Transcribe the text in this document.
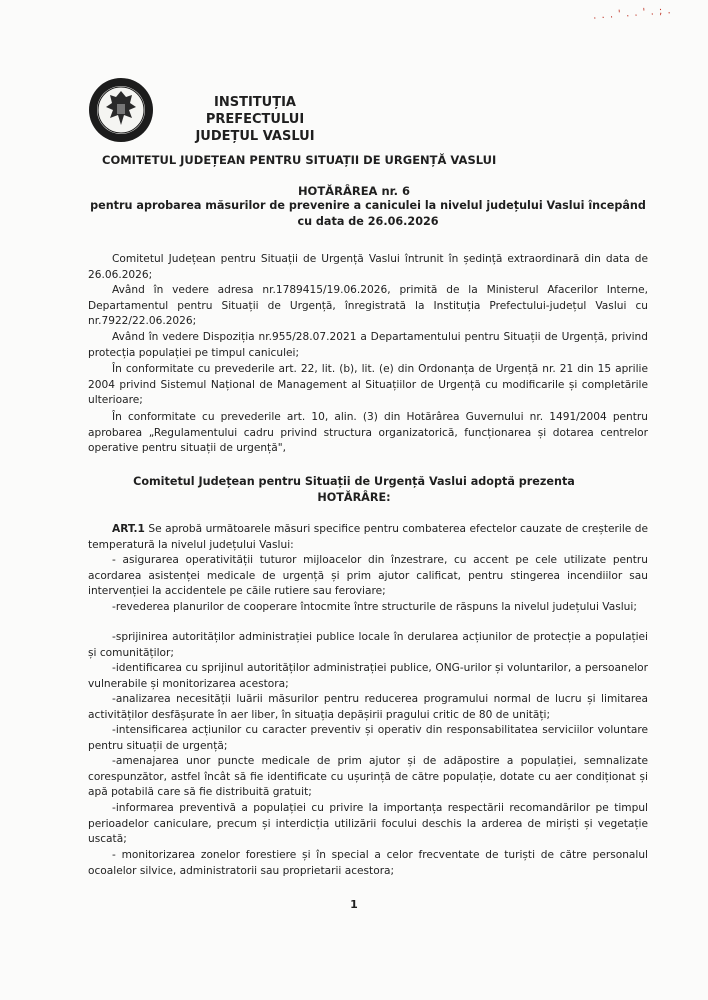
. . . ' . . ' . ; .
INSTITUȚIA PREFECTULUI
JUDEȚUL VASLUI
COMITETUL JUDEȚEAN PENTRU SITUAȚII DE URGENȚĂ VASLUI
HOTĂRÂREA nr. 6
pentru aprobarea măsurilor de prevenire a caniculei la nivelul județului Vaslui începând cu data de 26.06.2026
Comitetul Județean pentru Situații de Urgență Vaslui întrunit în ședință extraordinară din data de 26.06.2026;
Având în vedere adresa nr.1789415/19.06.2026, primită de la Ministerul Afacerilor Interne, Departamentul pentru Situații de Urgență, înregistrată la Instituția Prefectului-județul Vaslui cu nr.7922/22.06.2026;
Având în vedere Dispoziția nr.955/28.07.2021 a Departamentului pentru Situații de Urgență, privind protecția populației pe timpul caniculei;
În conformitate cu prevederile art. 22, lit. (b), lit. (e) din Ordonanța de Urgență nr. 21 din 15 aprilie 2004 privind Sistemul Național de Management al Situațiilor de Urgență cu modificarile și completările ulterioare;
În conformitate cu prevederile art. 10, alin. (3) din Hotărârea Guvernului nr. 1491/2004 pentru aprobarea „Regulamentului cadru privind structura organizatorică, funcționarea și dotarea centrelor operative pentru situații de urgență",
Comitetul Județean pentru Situații de Urgență Vaslui adoptă prezenta
HOTĂRÂRE:
ART.1 Se aprobă următoarele măsuri specifice pentru combaterea efectelor cauzate de creșterile de temperatură la nivelul județului Vaslui:
- asigurarea operativității tuturor mijloacelor din înzestrare, cu accent pe cele utilizate pentru acordarea asistenței medicale de urgență și prim ajutor calificat, pentru stingerea incendiilor sau intervenției la accidentele pe căile rutiere sau feroviare;
-revederea planurilor de cooperare întocmite între structurile de răspuns la nivelul județului Vaslui;
-sprijinirea autorităților administrației publice locale în derularea acțiunilor de protecție a populației și comunităților;
-identificarea cu sprijinul autorităților administrației publice, ONG-urilor și voluntarilor, a persoanelor vulnerabile și monitorizarea acestora;
-analizarea necesității luării măsurilor pentru reducerea programului normal de lucru și limitarea activităților desfășurate în aer liber, în situația depășirii pragului critic de 80 de unități;
-intensificarea acțiunilor cu caracter preventiv și operativ din responsabilitatea serviciilor voluntare pentru situații de urgență;
-amenajarea unor puncte medicale de prim ajutor și de adăpostire a populației, semnalizate corespunzător, astfel încât să fie identificate cu ușurință de către populație, dotate cu aer condiționat și apă potabilă care să fie distribuită gratuit;
-informarea preventivă a populației cu privire la importanța respectării recomandărilor pe timpul perioadelor caniculare, precum și interdicția utilizării focului deschis la arderea de miriști și vegetație uscată;
- monitorizarea zonelor forestiere și în special a celor frecventate de turiști de către personalul ocoalelor silvice, administratorii sau proprietarii acestora;
1
